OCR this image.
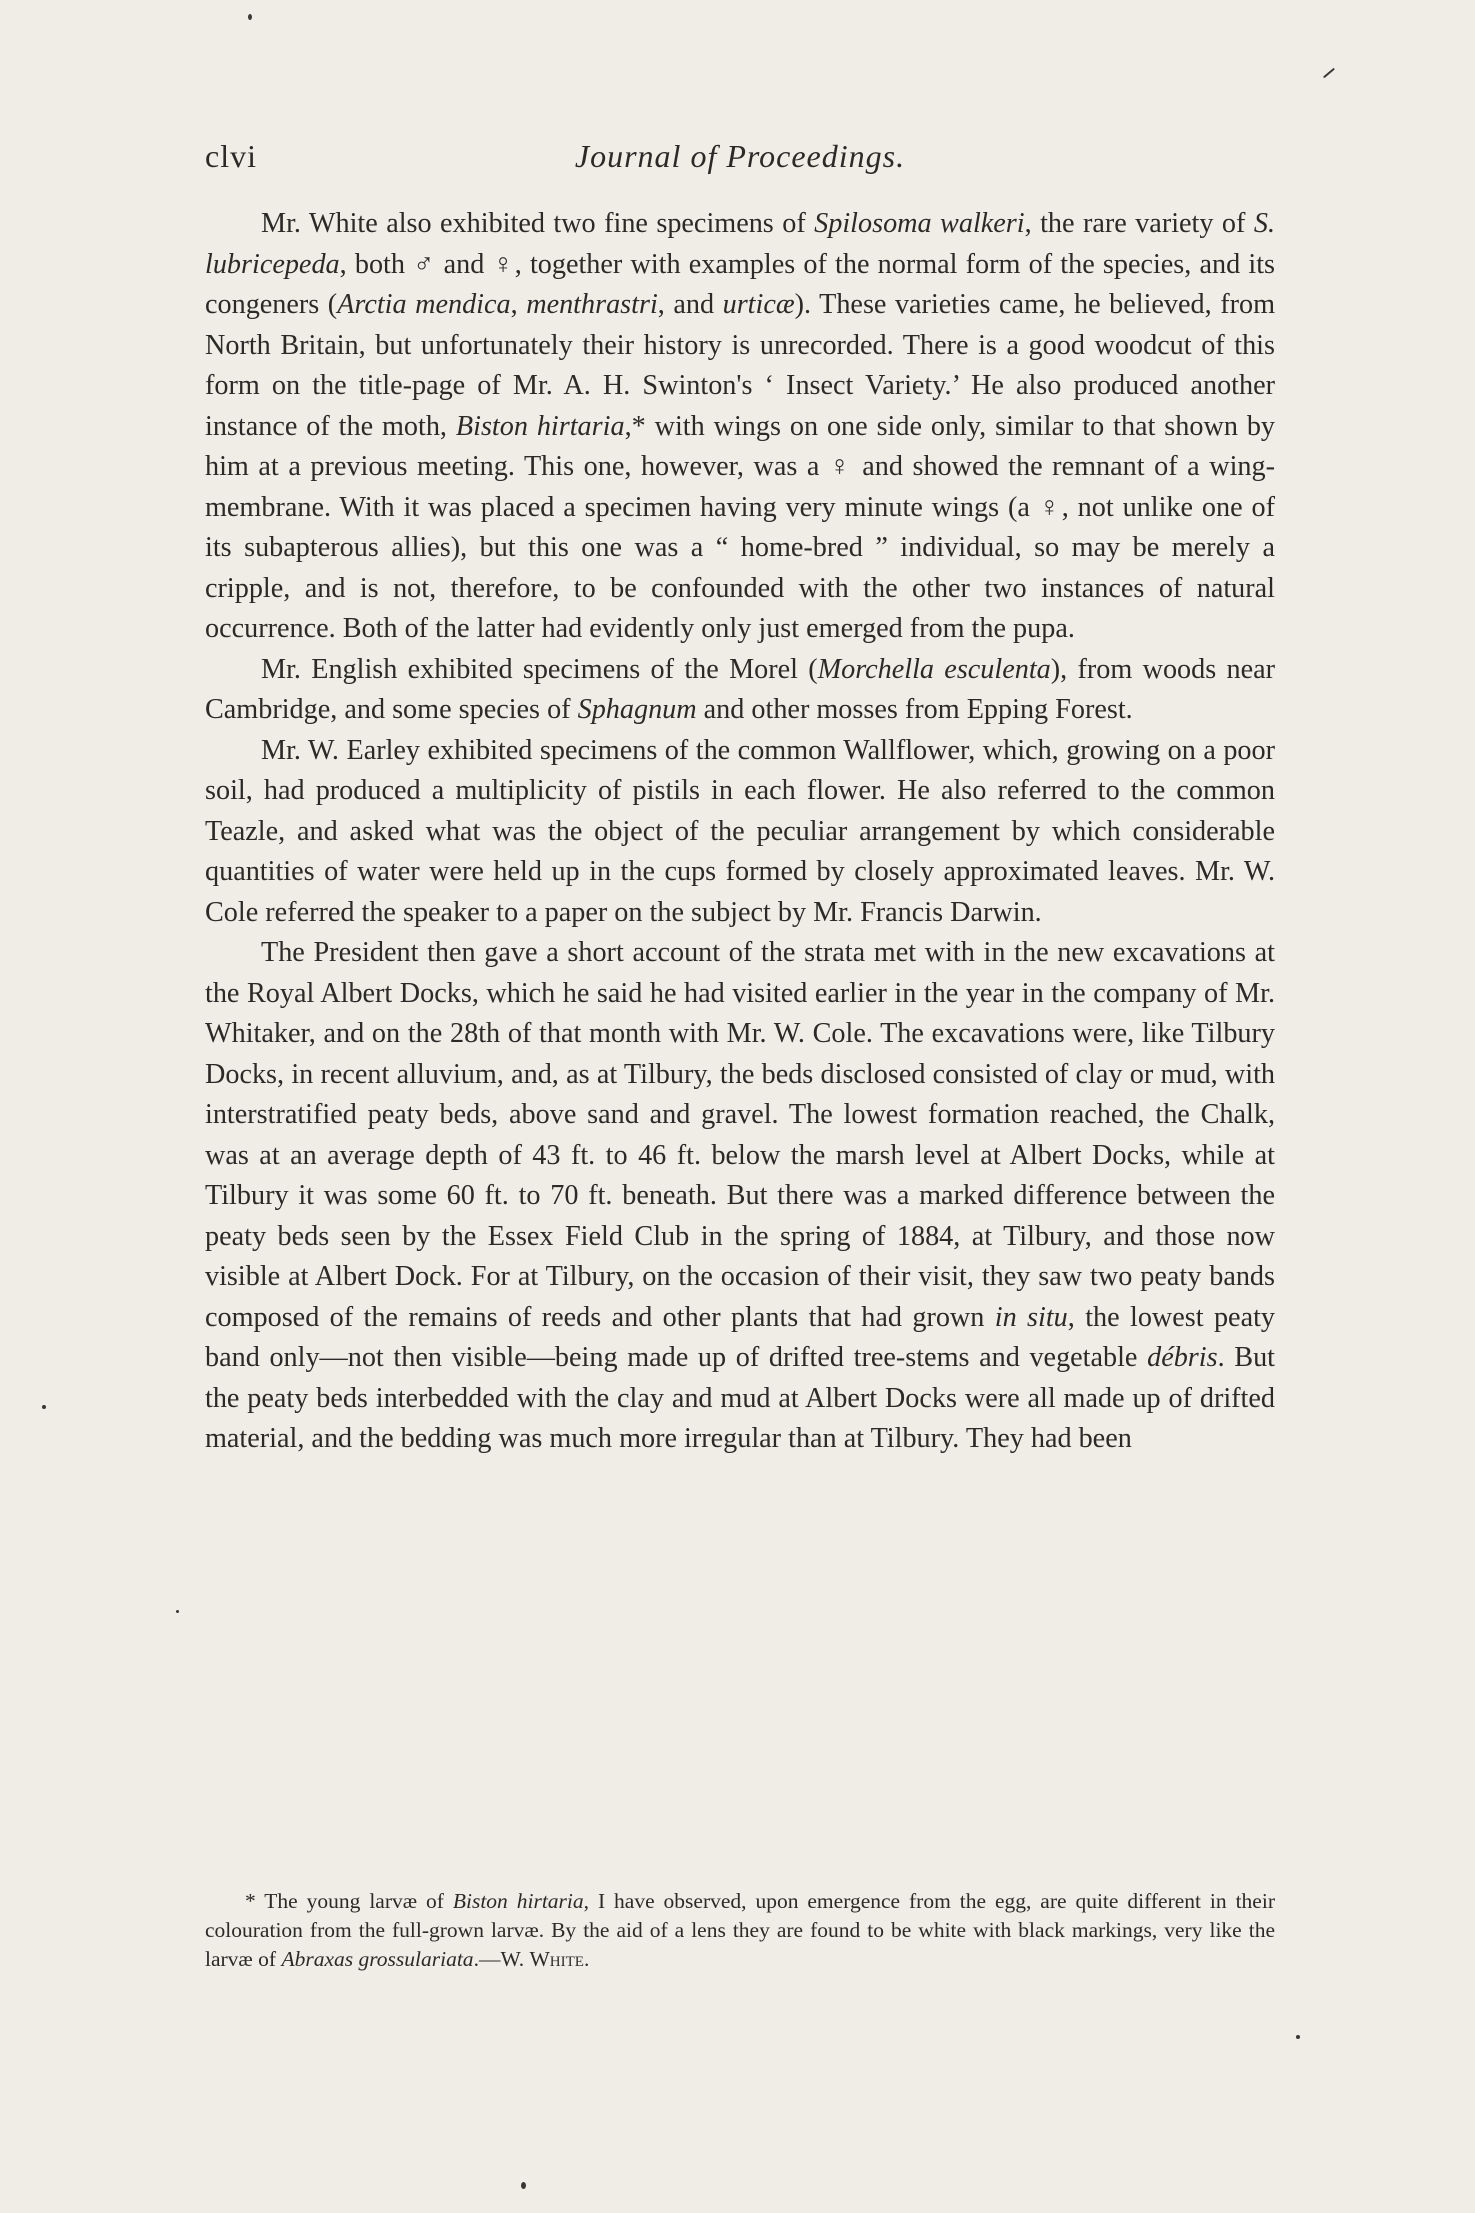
clvi	Journal of Proceedings.

Mr. White also exhibited two fine specimens of Spilosoma walkeri, the rare variety of S. lubricepeda, both ♂ and ♀, together with examples of the normal form of the species, and its congeners (Arctia mendica, menthrastri, and urticæ). These varieties came, he believed, from North Britain, but unfortunately their history is unrecorded. There is a good woodcut of this form on the title-page of Mr. A. H. Swinton's ‘ Insect Variety.’ He also produced another instance of the moth, Biston hirtaria,* with wings on one side only, similar to that shown by him at a previous meeting. This one, however, was a ♀ and showed the remnant of a wing-membrane. With it was placed a specimen having very minute wings (a ♀, not unlike one of its subapterous allies), but this one was a “ home-bred ” individual, so may be merely a cripple, and is not, therefore, to be confounded with the other two instances of natural occurrence. Both of the latter had evidently only just emerged from the pupa.

Mr. English exhibited specimens of the Morel (Morchella esculenta), from woods near Cambridge, and some species of Sphagnum and other mosses from Epping Forest.

Mr. W. Earley exhibited specimens of the common Wallflower, which, growing on a poor soil, had produced a multiplicity of pistils in each flower. He also referred to the common Teazle, and asked what was the object of the peculiar arrangement by which considerable quantities of water were held up in the cups formed by closely approximated leaves. Mr. W. Cole referred the speaker to a paper on the subject by Mr. Francis Darwin.

The President then gave a short account of the strata met with in the new excavations at the Royal Albert Docks, which he said he had visited earlier in the year in the company of Mr. Whitaker, and on the 28th of that month with Mr. W. Cole. The excavations were, like Tilbury Docks, in recent alluvium, and, as at Tilbury, the beds disclosed consisted of clay or mud, with interstratified peaty beds, above sand and gravel. The lowest formation reached, the Chalk, was at an average depth of 43 ft. to 46 ft. below the marsh level at Albert Docks, while at Tilbury it was some 60 ft. to 70 ft. beneath. But there was a marked difference between the peaty beds seen by the Essex Field Club in the spring of 1884, at Tilbury, and those now visible at Albert Dock. For at Tilbury, on the occasion of their visit, they saw two peaty bands composed of the remains of reeds and other plants that had grown in situ, the lowest peaty band only—not then visible—being made up of drifted tree-stems and vegetable débris. But the peaty beds interbedded with the clay and mud at Albert Docks were all made up of drifted material, and the bedding was much more irregular than at Tilbury. They had been

* The young larvæ of Biston hirtaria, I have observed, upon emergence from the egg, are quite different in their colouration from the full-grown larvæ. By the aid of a lens they are found to be white with black markings, very like the larvæ of Abraxas grossulariata.—W. White.
